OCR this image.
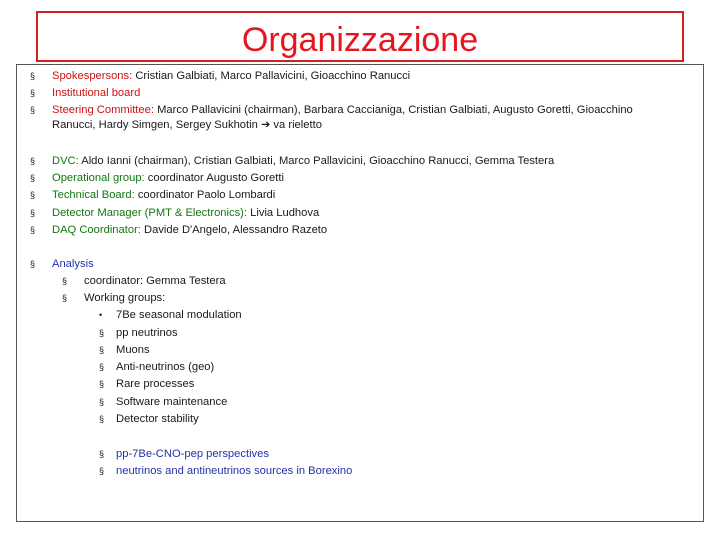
Organizzazione
§ Spokespersons: Cristian Galbiati, Marco Pallavicini, Gioacchino Ranucci
§ Institutional board
§ Steering Committee: Marco Pallavicini (chairman), Barbara Caccianiga, Cristian Galbiati, Augusto Goretti, Gioacchino
Ranucci, Hardy Simgen, Sergey Sukhotin ➔ va rieletto
§ DVC: Aldo Ianni (chairman), Cristian Galbiati, Marco Pallavicini, Gioacchino Ranucci, Gemma Testera
§ Operational group: coordinator Augusto Goretti
§ Technical Board: coordinator Paolo Lombardi
§ Detector Manager (PMT & Electronics): Livia Ludhova
§ DAQ Coordinator: Davide D'Angelo, Alessandro Razeto
§ Analysis
§ coordinator: Gemma Testera
§ Working groups:
• 7Be seasonal modulation
§ pp neutrinos
§ Muons
§ Anti-neutrinos (geo)
§ Rare processes
§ Software maintenance
§ Detector stability
§ pp-7Be-CNO-pep perspectives
§ neutrinos and antineutrinos sources in Borexino
